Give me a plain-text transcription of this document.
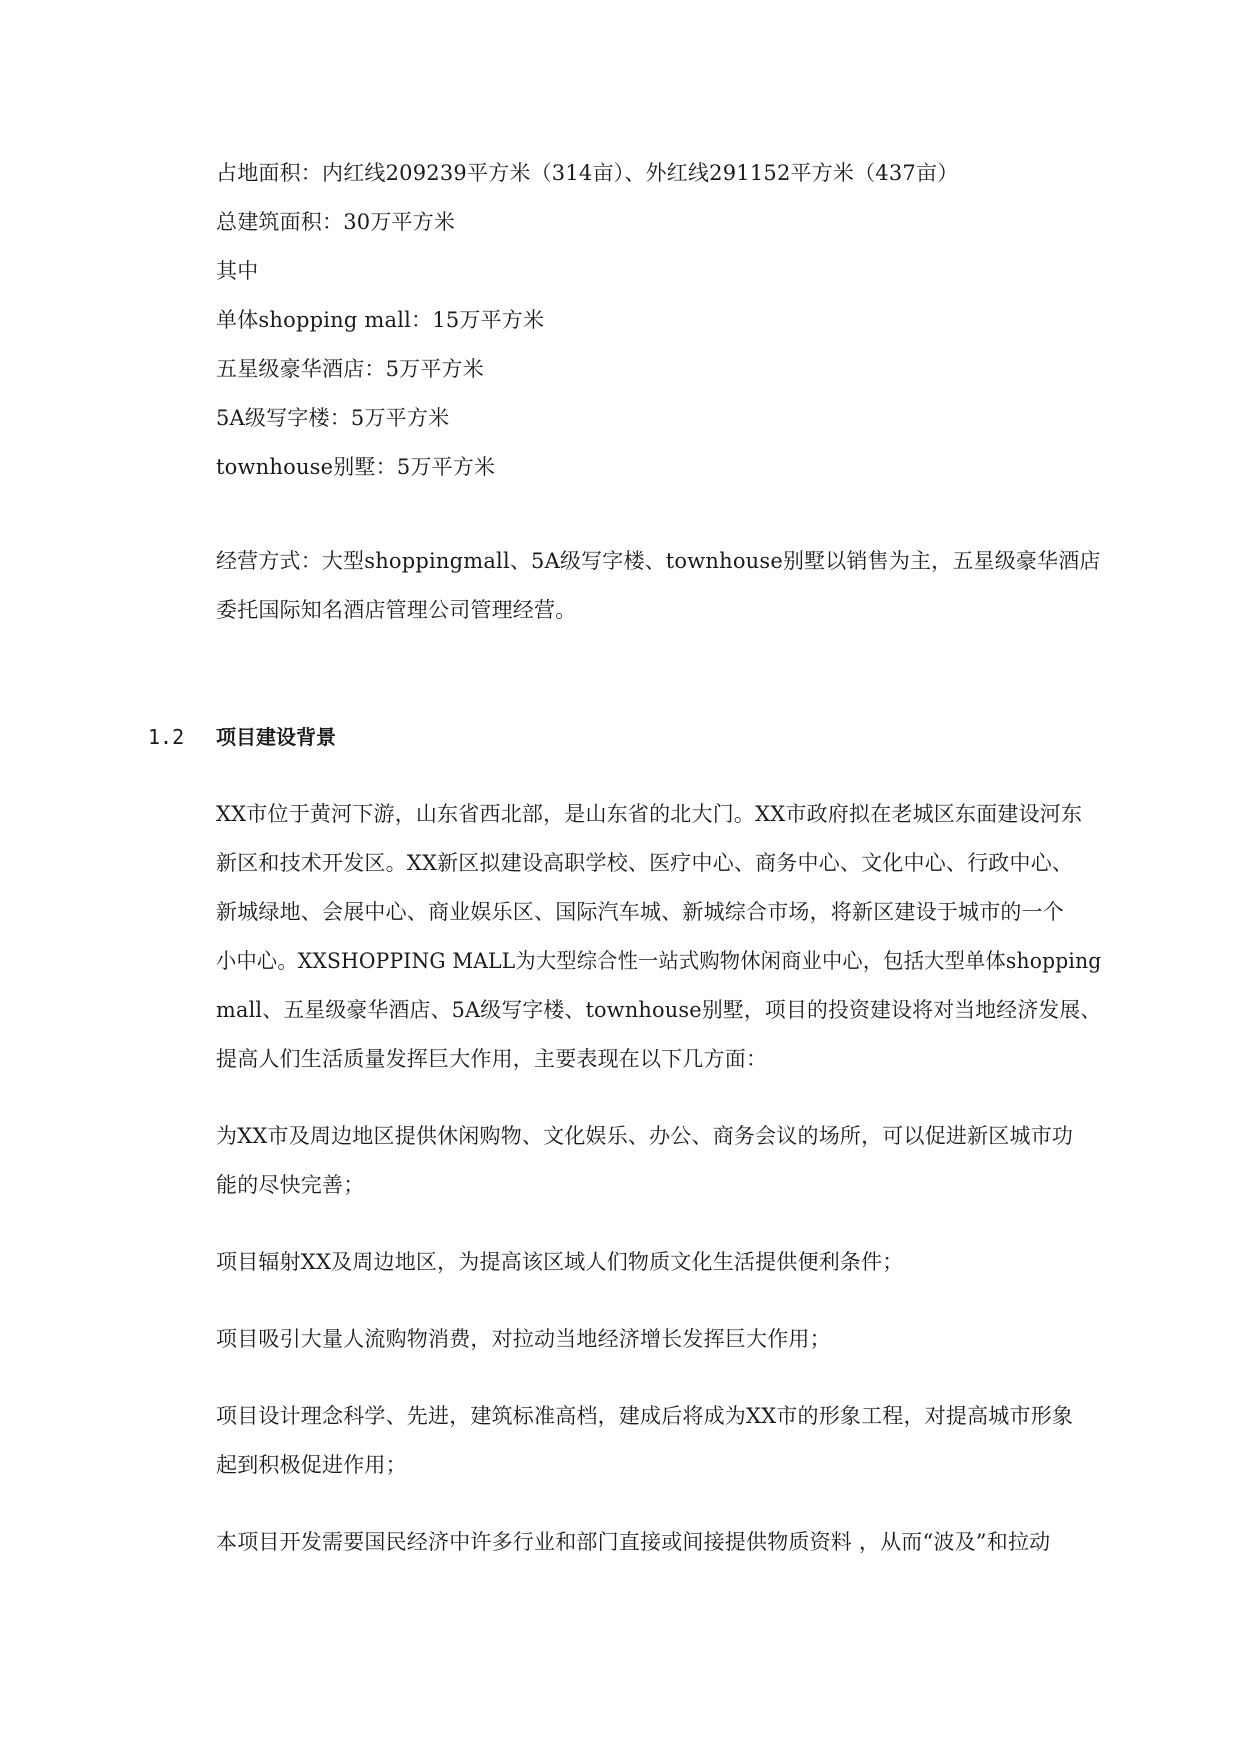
占地面积：内红线209239平方米（314亩）、外红线291152平方米（437亩）
总建筑面积：30万平方米
其中
单体shopping mall：15万平方米
五星级豪华酒店：5万平方米
5A级写字楼：5万平方米
townhouse别墅：5万平方米
经营方式：大型shoppingmall、5A级写字楼、townhouse别墅以销售为主，五星级豪华酒店
委托国际知名酒店管理公司管理经营。
1.2 项目建设背景
XX市位于黄河下游，山东省西北部，是山东省的北大门。XX市政府拟在老城区东面建设河东
新区和技术开发区。XX新区拟建设高职学校、医疗中心、商务中心、文化中心、行政中心、
新城绿地、会展中心、商业娱乐区、国际汽车城、新城综合市场，将新区建设于城市的一个
小中心。XXSHOPPING MALL为大型综合性一站式购物休闲商业中心，包括大型单体shopping
mall、五星级豪华酒店、5A级写字楼、townhouse别墅，项目的投资建设将对当地经济发展、
提高人们生活质量发挥巨大作用，主要表现在以下几方面：
为XX市及周边地区提供休闲购物、文化娱乐、办公、商务会议的场所，可以促进新区城市功
能的尽快完善；
项目辐射XX及周边地区，为提高该区域人们物质文化生活提供便利条件；
项目吸引大量人流购物消费，对拉动当地经济增长发挥巨大作用；
项目设计理念科学、先进，建筑标准高档，建成后将成为XX市的形象工程，对提高城市形象
起到积极促进作用；
本项目开发需要国民经济中许多行业和部门直接或间接提供物质资料 ，从而“波及”和拉动
